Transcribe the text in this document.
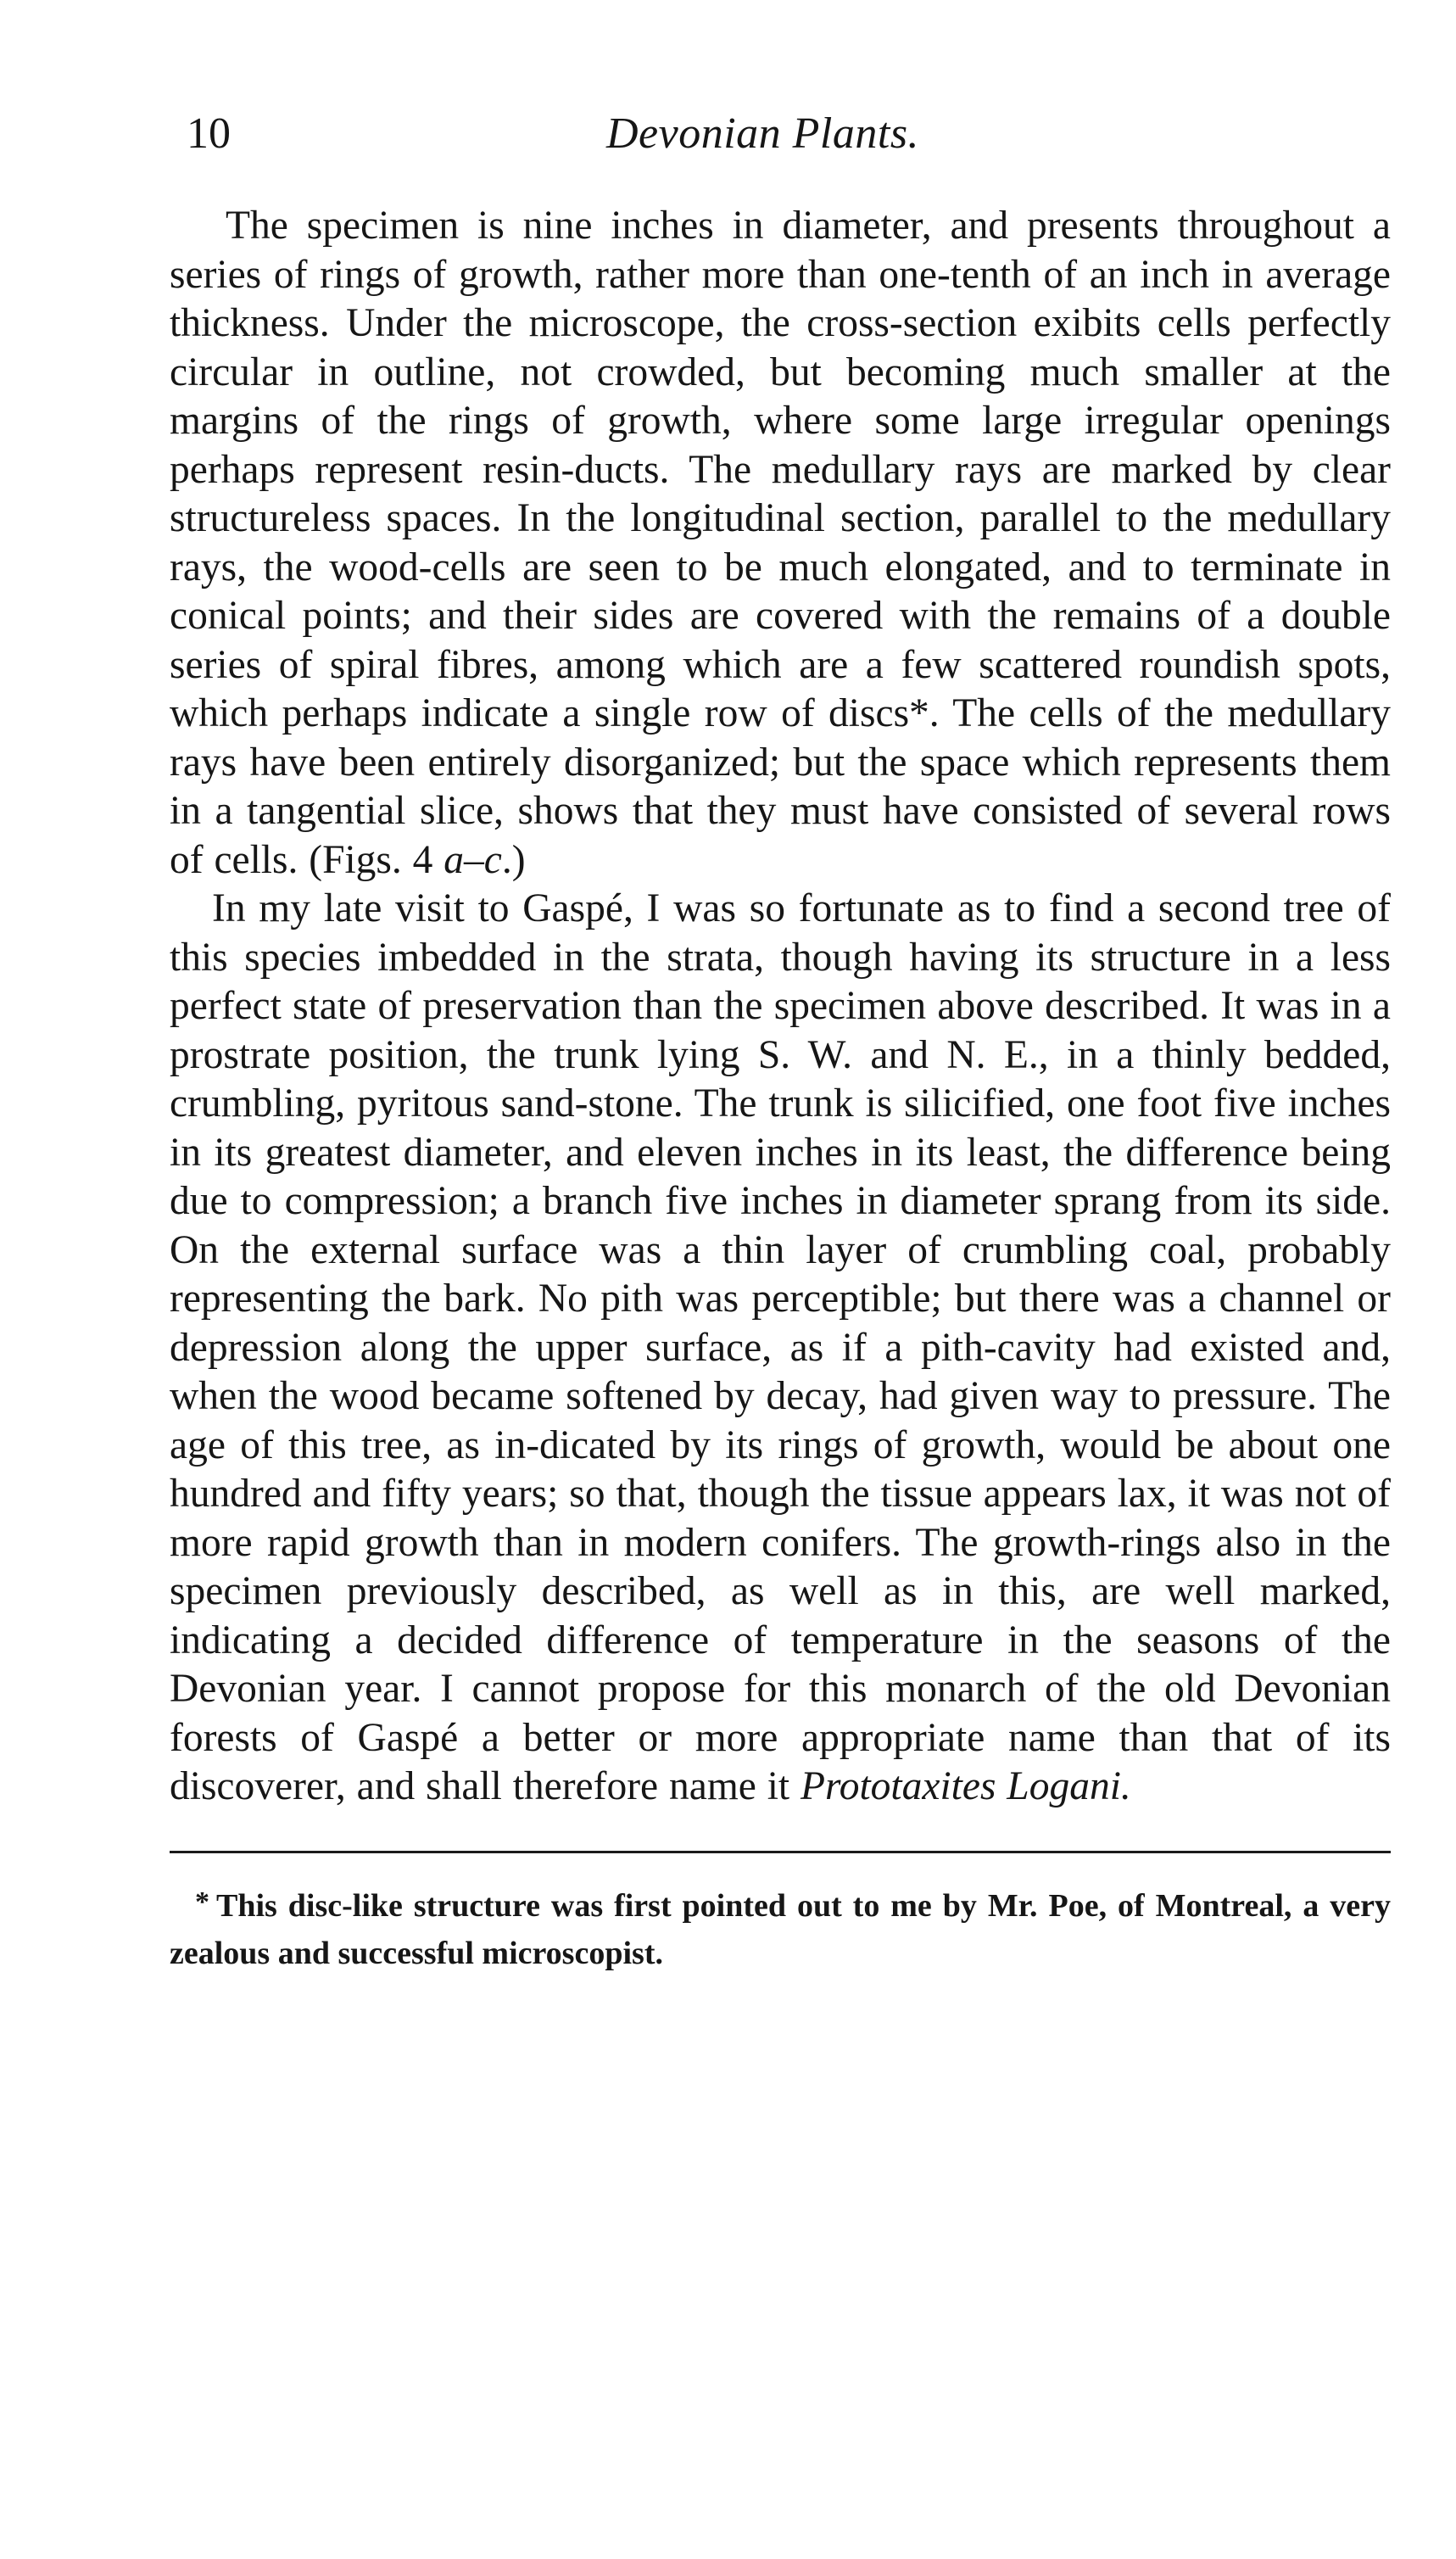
10	Devonian Plants.

The specimen is nine inches in diameter, and presents throughout a series of rings of growth, rather more than one-tenth of an inch in average thickness. Under the microscope, the cross-section exibits cells perfectly circular in outline, not crowded, but becoming much smaller at the margins of the rings of growth, where some large irregular openings perhaps represent resin-ducts. The medullary rays are marked by clear structureless spaces. In the longitudinal section, parallel to the medullary rays, the wood-cells are seen to be much elongated, and to terminate in conical points; and their sides are covered with the remains of a double series of spiral fibres, among which are a few scattered roundish spots, which perhaps indicate a single row of discs*. The cells of the medullary rays have been entirely disorganized; but the space which represents them in a tangential slice, shows that they must have consisted of several rows of cells. (Figs. 4 a–c.)

In my late visit to Gaspé, I was so fortunate as to find a second tree of this species imbedded in the strata, though having its structure in a less perfect state of preservation than the specimen above described. It was in a prostrate position, the trunk lying S. W. and N. E., in a thinly bedded, crumbling, pyritous sand-stone. The trunk is silicified, one foot five inches in its greatest diameter, and eleven inches in its least, the difference being due to compression; a branch five inches in diameter sprang from its side. On the external surface was a thin layer of crumbling coal, probably representing the bark. No pith was perceptible; but there was a channel or depression along the upper surface, as if a pith-cavity had existed and, when the wood became softened by decay, had given way to pressure. The age of this tree, as in-dicated by its rings of growth, would be about one hundred and fifty years; so that, though the tissue appears lax, it was not of more rapid growth than in modern conifers. The growth-rings also in the specimen previously described, as well as in this, are well marked, indicating a decided difference of temperature in the seasons of the Devonian year. I cannot propose for this monarch of the old Devonian forests of Gaspé a better or more appropriate name than that of its discoverer, and shall therefore name it Prototaxites Logani.

* This disc-like structure was first pointed out to me by Mr. Poe, of Montreal, a very zealous and successful microscopist.
